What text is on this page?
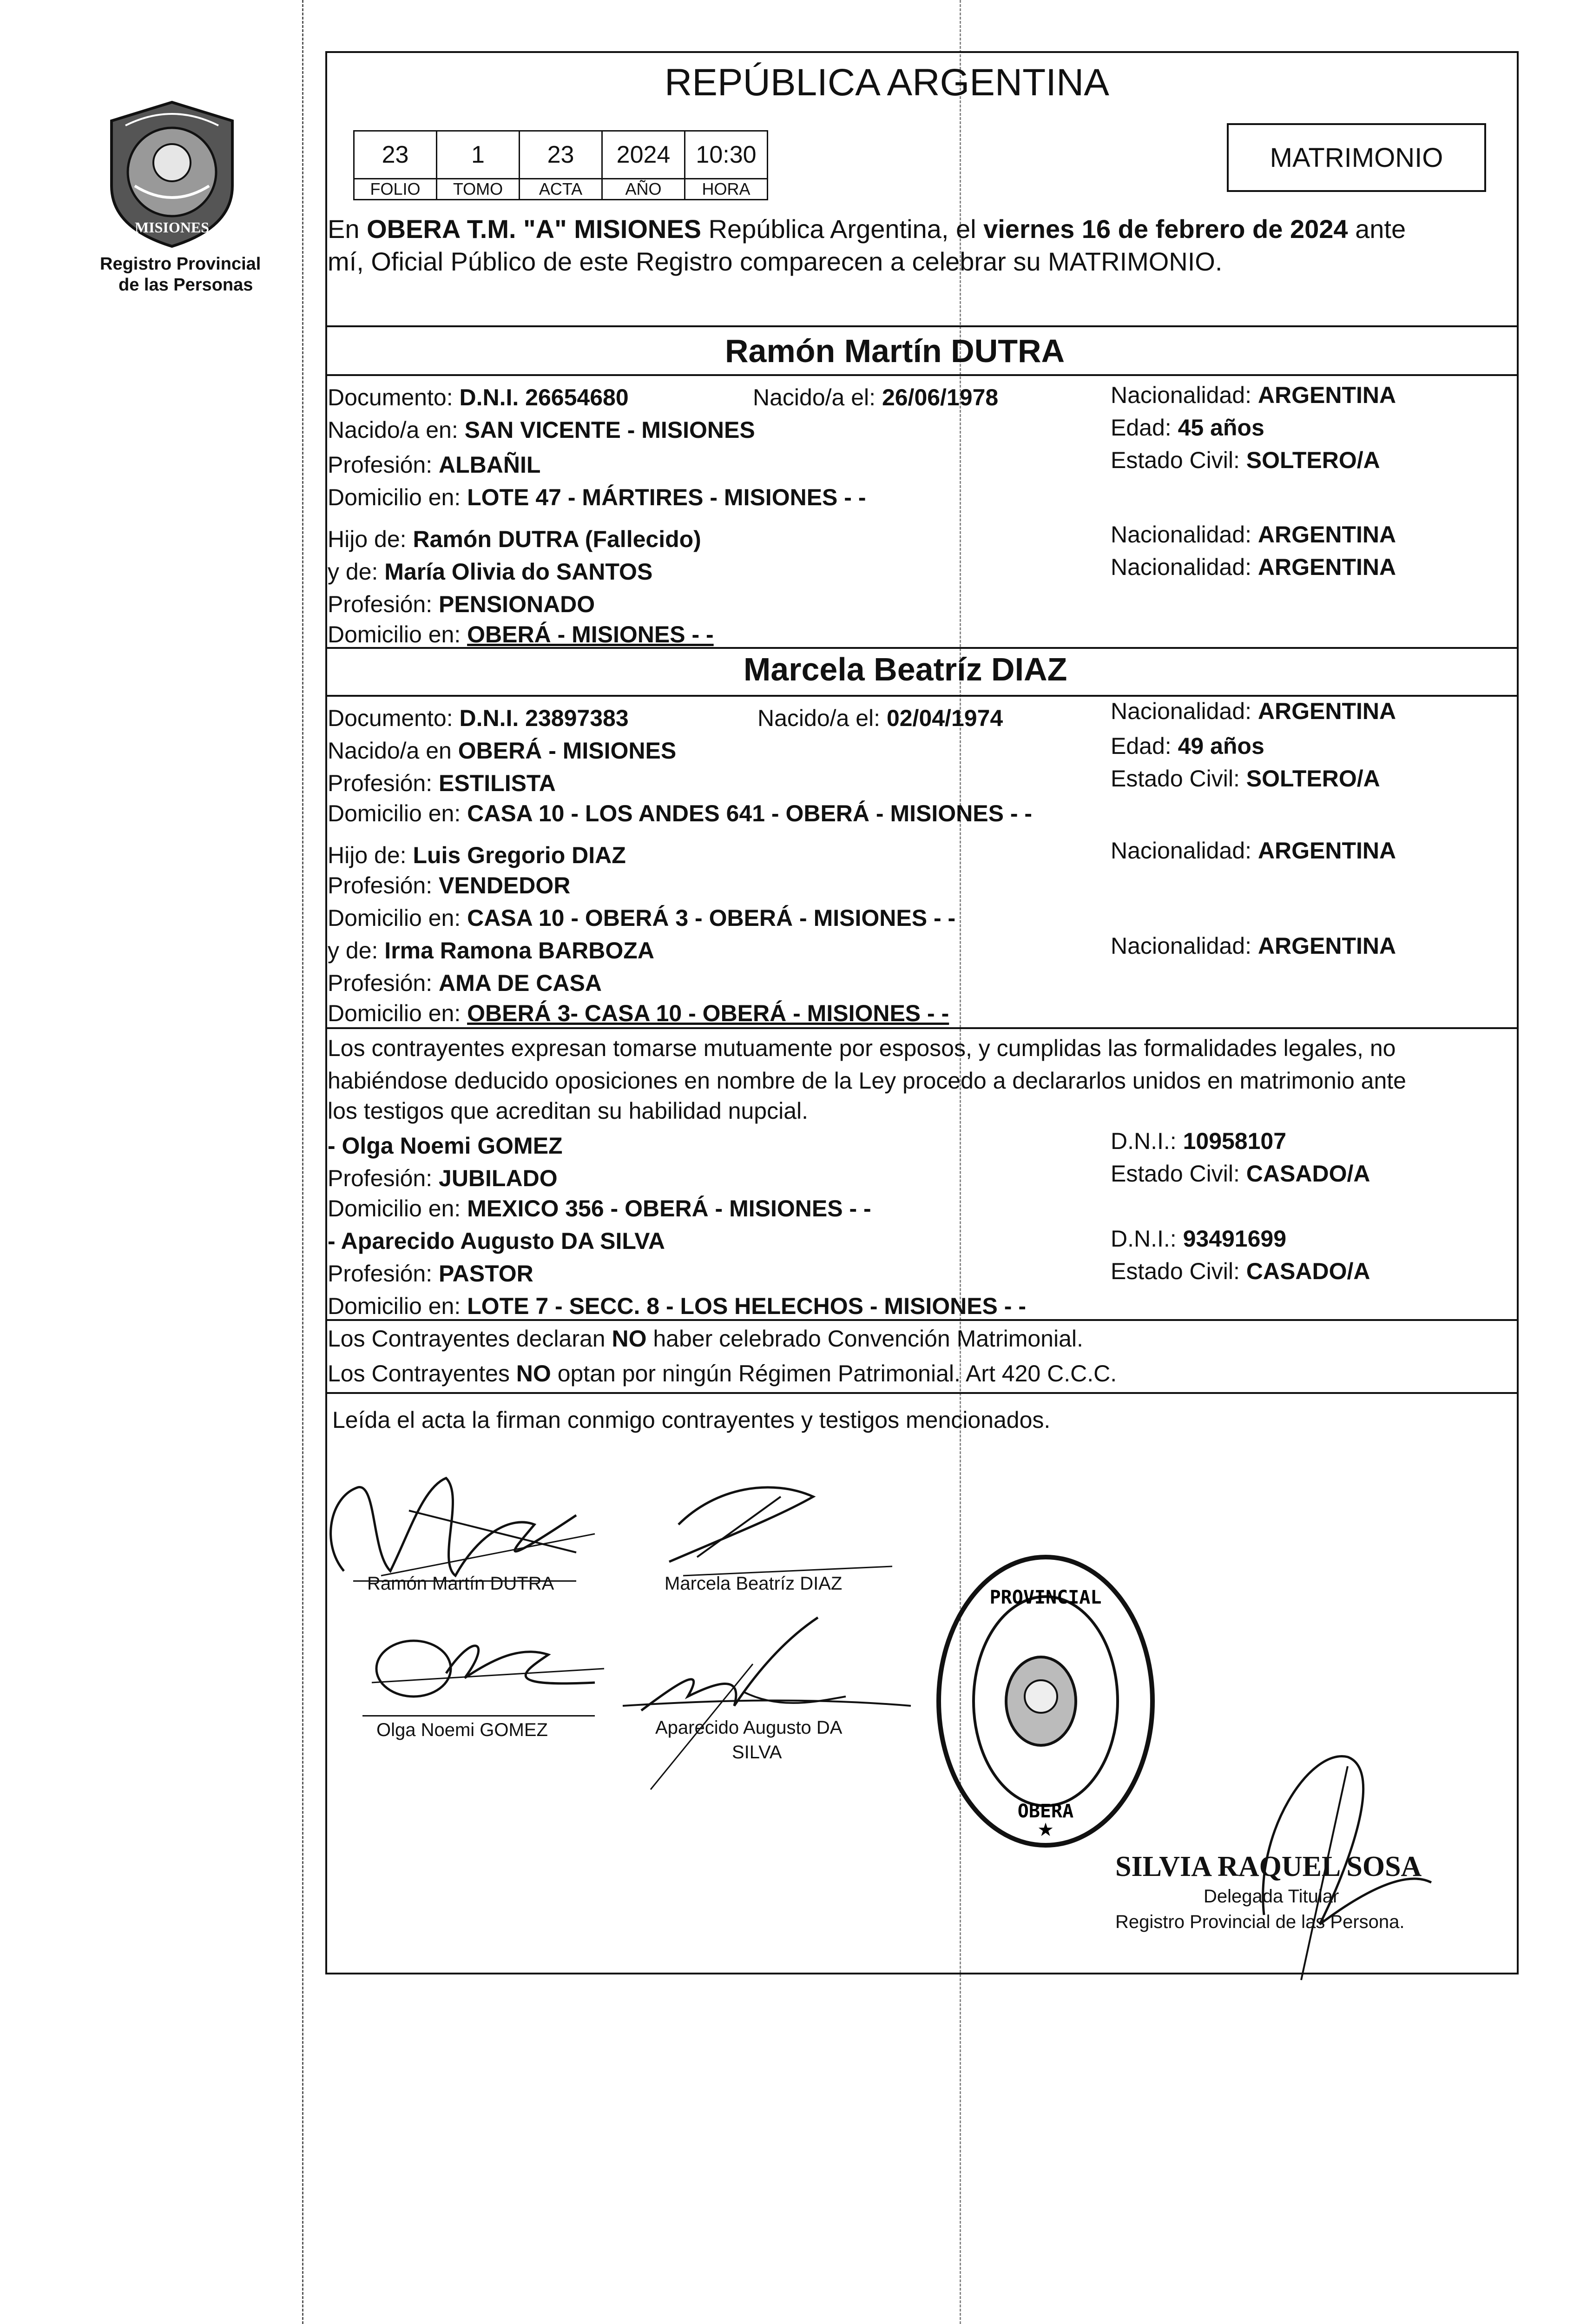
MISIONES
Registro Provincial
de las Personas
REPÚBLICA ARGENTINA
23	1	23	2024	10:30
FOLIO	TOMO	ACTA	AÑO	HORA
MATRIMONIO
En OBERA T.M. "A" MISIONES República Argentina, el viernes 16 de febrero de 2024 ante
mí, Oficial Público de este Registro comparecen a celebrar su MATRIMONIO.
Ramón Martín DUTRA
Documento: D.N.I. 26654680	Nacido/a el: 26/06/1978	Nacionalidad: ARGENTINA
Nacido/a en: SAN VICENTE - MISIONES	Edad: 45 años
Profesión: ALBAÑIL	Estado Civil: SOLTERO/A
Domicilio en: LOTE 47 - MÁRTIRES - MISIONES - -
Hijo de: Ramón DUTRA (Fallecido)	Nacionalidad: ARGENTINA
y de: María Olivia do SANTOS	Nacionalidad: ARGENTINA
Profesión: PENSIONADO
Domicilio en: OBERÁ - MISIONES - -
Marcela Beatríz DIAZ
Documento: D.N.I. 23897383	Nacido/a el: 02/04/1974	Nacionalidad: ARGENTINA
Nacido/a en OBERÁ - MISIONES	Edad: 49 años
Profesión: ESTILISTA	Estado Civil: SOLTERO/A
Domicilio en: CASA 10 - LOS ANDES 641 - OBERÁ - MISIONES - -
Hijo de: Luis Gregorio DIAZ	Nacionalidad: ARGENTINA
Profesión: VENDEDOR
Domicilio en: CASA 10 - OBERÁ 3 - OBERÁ - MISIONES - -
y de: Irma Ramona BARBOZA	Nacionalidad: ARGENTINA
Profesión: AMA DE CASA
Domicilio en: OBERÁ 3- CASA 10 - OBERÁ - MISIONES - -
Los contrayentes expresan tomarse mutuamente por esposos, y cumplidas las formalidades legales, no
habiéndose deducido oposiciones en nombre de la Ley procedo a declararlos unidos en matrimonio ante
los testigos que acreditan su habilidad nupcial.
- Olga Noemi GOMEZ	D.N.I.: 10958107
Profesión: JUBILADO	Estado Civil: CASADO/A
Domicilio en: MEXICO 356 - OBERÁ - MISIONES - -
- Aparecido Augusto DA SILVA	D.N.I.: 93491699
Profesión: PASTOR	Estado Civil: CASADO/A
Domicilio en: LOTE 7 - SECC. 8 - LOS HELECHOS - MISIONES - -
Los Contrayentes declaran NO haber celebrado Convención Matrimonial.
Los Contrayentes NO optan por ningún Régimen Patrimonial. Art 420 C.C.C.
Leída el acta la firman conmigo contrayentes y testigos mencionados.
Ramón Martín DUTRA	Marcela Beatríz DIAZ
Olga Noemi GOMEZ	Aparecido Augusto DA
SILVA
PROVINCIAL
OBERA
★
SILVIA RAQUEL SOSA
Delegada Titular
Registro Provincial de las Persona.
